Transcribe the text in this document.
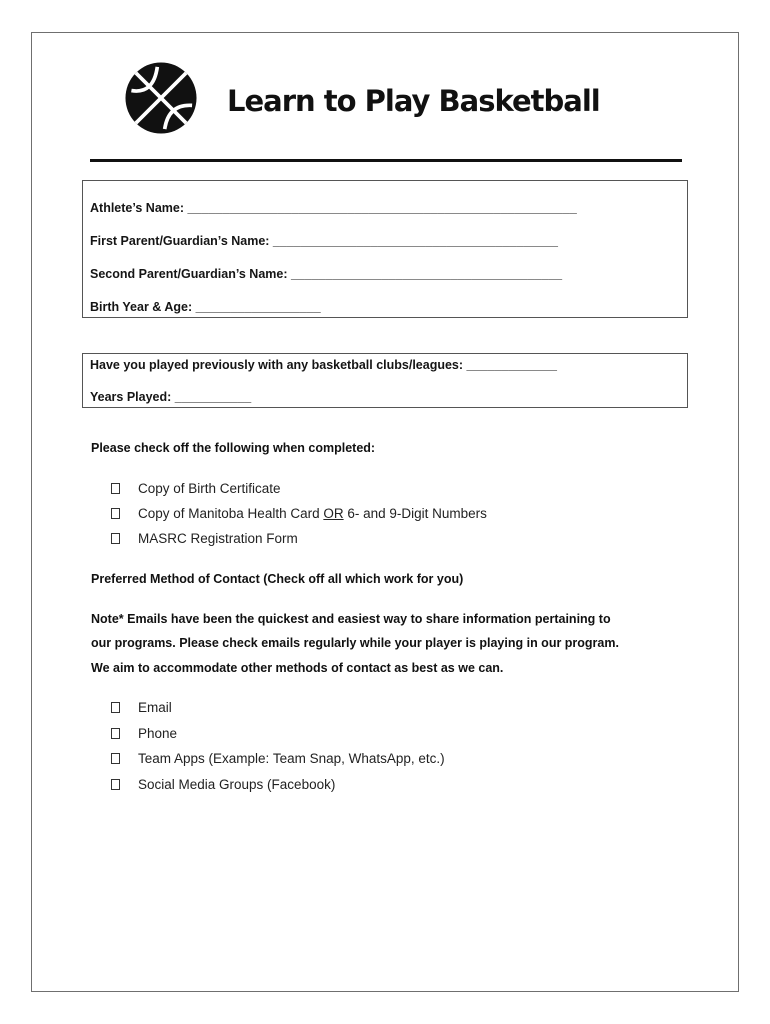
Learn to Play Basketball
Athlete’s Name: ________________________________________________________
First Parent/Guardian’s Name: _________________________________________
Second Parent/Guardian’s Name: _______________________________________
Birth Year & Age: __________________
Have you played previously with any basketball clubs/leagues: _____________
Years Played: ___________
Please check off the following when completed:
Copy of Birth Certificate
Copy of Manitoba Health Card OR 6- and 9-Digit Numbers
MASRC Registration Form
Preferred Method of Contact (Check off all which work for you)
Note* Emails have been the quickest and easiest way to share information pertaining to
our programs. Please check emails regularly while your player is playing in our program.
We aim to accommodate other methods of contact as best as we can.
Email
Phone
Team Apps (Example: Team Snap, WhatsApp, etc.)
Social Media Groups (Facebook)
